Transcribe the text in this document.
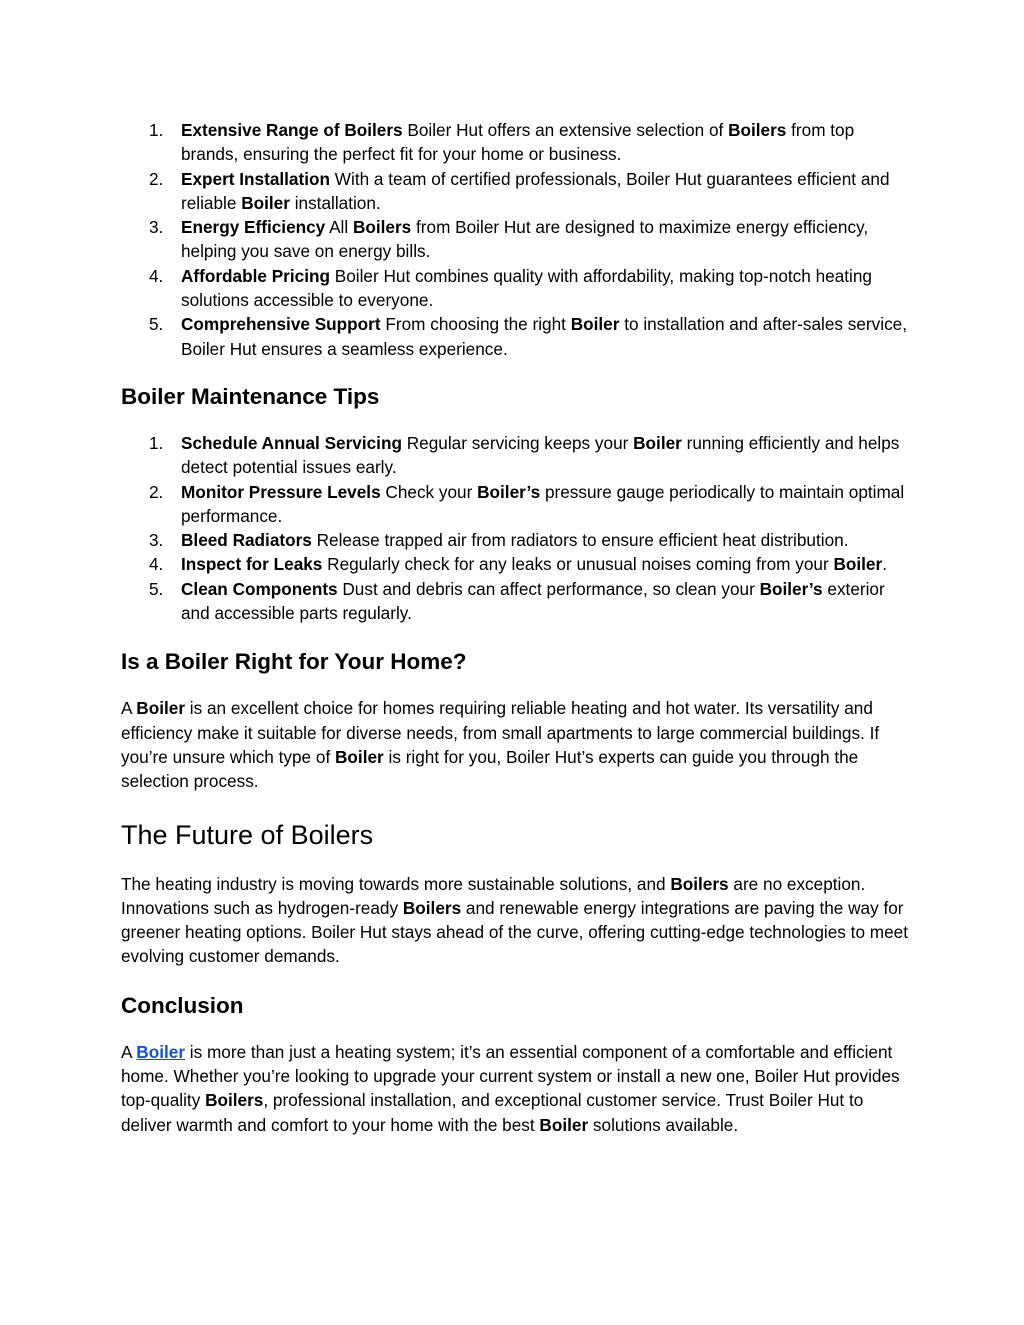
1. Extensive Range of Boilers Boiler Hut offers an extensive selection of Boilers from top brands, ensuring the perfect fit for your home or business.
2. Expert Installation With a team of certified professionals, Boiler Hut guarantees efficient and reliable Boiler installation.
3. Energy Efficiency All Boilers from Boiler Hut are designed to maximize energy efficiency, helping you save on energy bills.
4. Affordable Pricing Boiler Hut combines quality with affordability, making top-notch heating solutions accessible to everyone.
5. Comprehensive Support From choosing the right Boiler to installation and after-sales service, Boiler Hut ensures a seamless experience.
Boiler Maintenance Tips
1. Schedule Annual Servicing Regular servicing keeps your Boiler running efficiently and helps detect potential issues early.
2. Monitor Pressure Levels Check your Boiler’s pressure gauge periodically to maintain optimal performance.
3. Bleed Radiators Release trapped air from radiators to ensure efficient heat distribution.
4. Inspect for Leaks Regularly check for any leaks or unusual noises coming from your Boiler.
5. Clean Components Dust and debris can affect performance, so clean your Boiler’s exterior and accessible parts regularly.
Is a Boiler Right for Your Home?

A Boiler is an excellent choice for homes requiring reliable heating and hot water. Its versatility and efficiency make it suitable for diverse needs, from small apartments to large commercial buildings. If you’re unsure which type of Boiler is right for you, Boiler Hut’s experts can guide you through the selection process.

The Future of Boilers

The heating industry is moving towards more sustainable solutions, and Boilers are no exception. Innovations such as hydrogen-ready Boilers and renewable energy integrations are paving the way for greener heating options. Boiler Hut stays ahead of the curve, offering cutting-edge technologies to meet evolving customer demands.

Conclusion

A Boiler is more than just a heating system; it’s an essential component of a comfortable and efficient home. Whether you’re looking to upgrade your current system or install a new one, Boiler Hut provides top-quality Boilers, professional installation, and exceptional customer service. Trust Boiler Hut to deliver warmth and comfort to your home with the best Boiler solutions available.
